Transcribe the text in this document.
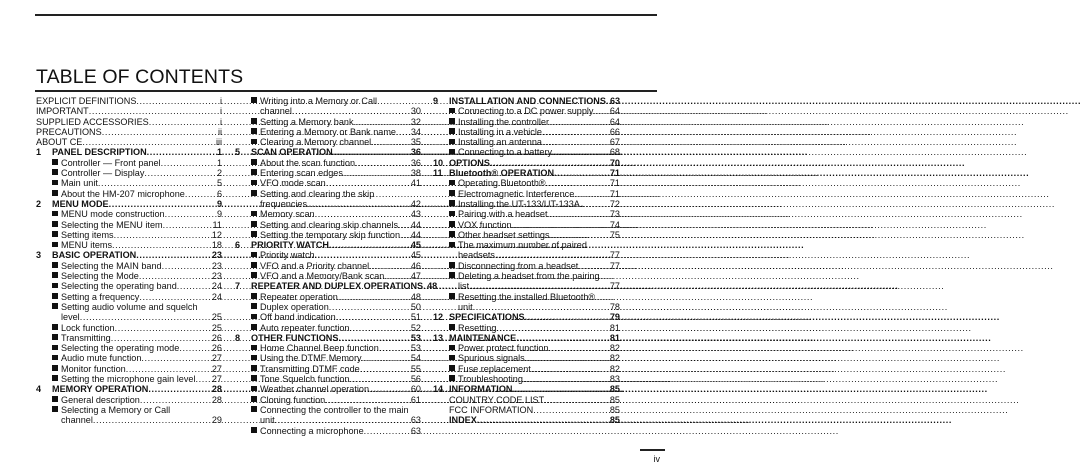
TABLE OF CONTENTS
EXPLICIT DEFINITIONS .....	i
IMPORTANT .....	i
SUPPLIED ACCESSORIES .....	i
PRECAUTIONS .....	ii
ABOUT CE .....	iii
1	PANEL DESCRIPTION .....	1
Controller — Front panel .....	1
Controller — Display .....	2
Main unit .....	5
About the HM-207 microphone .....	6
2	MENU MODE .....	9
MENU mode construction .....	9
Selecting the MENU item .....	11
Setting items .....	12
MENU items .....	18
3	BASIC OPERATION .....	23
Selecting the MAIN band .....	23
Selecting the Mode .....	23
Selecting the operating band .....	24
Setting a frequency .....	24
Setting audio volume and squelch
level .....	25
Lock function .....	25
Transmitting .....	26
Selecting the operating mode .....	26
Audio mute function .....	27
Monitor function .....	27
Setting the microphone gain level ..... 27
4	MEMORY OPERATION .....	28
General description .....	28
Selecting a Memory or Call
channel .....	29
Writing into a Memory or Call
channel .....	30
Setting a Memory bank .....	32
Entering a Memory or Bank name ..... 34
Clearing a Memory channel .....	35
5	SCAN OPERATION .....	36
About the scan function .....	36
Entering scan edges .....	38
VFO mode scan .....	41
Setting and clearing the skip
frequencies .....	42
Memory scan .....	43
Setting and clearing skip channels ..... 44
Setting the temporary skip function ..... 44
6	PRIORITY WATCH .....	45
Priority watch .....	45
VFO and a Priority channel .....	46
VFO and a Memory/Bank scan .....	47
7	REPEATER AND DUPLEX OPERATIONS ..... 48
Repeater operation .....	48
Duplex operation .....	50
Off band indication .....	51
Auto repeater function .....	52
8	OTHER FUNCTIONS .....	53
Home Channel Beep function .....	53
Using the DTMF Memory .....	54
Transmitting DTMF code .....	55
Tone Squelch function .....	56
Weather channel operation .....	60
Cloning function .....	61
Connecting the controller to the main
unit .....	63
Connecting a microphone .....	63
9	INSTALLATION AND CONNECTIONS ..... 63
Connecting to a DC power supply ..... 64
Installing the controller .....	64
Installing in a vehicle .....	66
Installing an antenna .....	67
Connecting to a battery .....	68
10 OPTIONS .....	70
11 Bluetooth® OPERATION .....	71
Operating Bluetooth® .....	71
Electromagnetic Interference .....	71
Installing the UT-133/UT-133A .....	72
Pairing with a headset .....	73
VOX function .....	74
Other headset settings .....	75
The maximum number of paired
headsets .....	77
Disconnecting from a headset .....	77
Deleting a headset from the pairing
list .....	77
Resetting the installed Bluetooth®
unit .....	78
12 SPECIFICATIONS .....	79
Resetting .....	81
13 MAINTENANCE .....	81
Power protect function .....	82
Spurious signals .....	82
Fuse replacement .....	82
Troubleshooting .....	83
14 INFORMATION .....	85
COUNTRY CODE LIST .....	85
FCC INFORMATION .....	85
INDEX .....	85
iv
